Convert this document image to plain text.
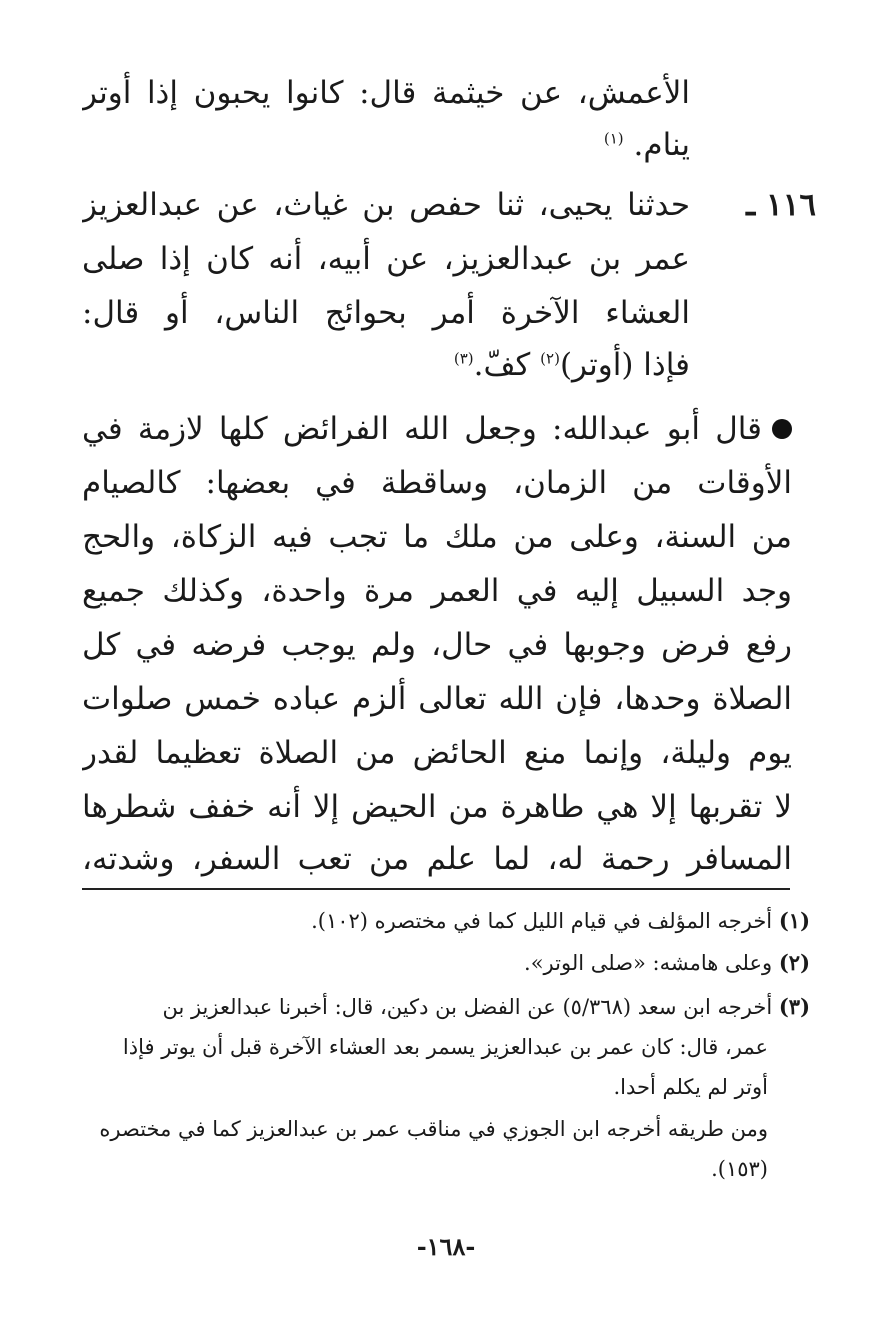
الأعمش، عن خيثمة قال: كانوا يحبون إذا أوتر
ينام. $^{(١)}$
١١٦ ـ
حدثنا يحيى، ثنا حفص بن غياث، عن عبدالعزيز
عمر بن عبدالعزيز، عن أبيه، أنه كان إذا صلى
العشاء الآخرة أمر بحوائج الناس، أو قال:
فإذا (أوتر)$^{(٢)}$ كفّ.$^{(٣)}$
قال أبو عبدالله: وجعل الله الفرائض كلها لازمة في
الأوقات من الزمان، وساقطة في بعضها: كالصيام
من السنة، وعلى من ملك ما تجب فيه الزكاة، والحج
وجد السبيل إليه في العمر مرة واحدة، وكذلك جميع
رفع فرض وجوبها في حال، ولم يوجب فرضه في كل
الصلاة وحدها، فإن الله تعالى ألزم عباده خمس صلوات
يوم وليلة، وإنما منع الحائض من الصلاة تعظيما لقدر
لا تقربها إلا هي طاهرة من الحيض إلا أنه خفف شطرها
المسافر رحمة له، لما علم من تعب السفر، وشدته،
(١) أخرجه المؤلف في قيام الليل كما في مختصره (١٠٢).
(٢) وعلى هامشه: «صلى الوتر».
(٣) أخرجه ابن سعد (٥/٣٦٨) عن الفضل بن دكين، قال: أخبرنا عبدالعزيز بن
عمر، قال: كان عمر بن عبدالعزيز يسمر بعد العشاء الآخرة قبل أن يوتر فإذا
أوتر لم يكلم أحدا.
ومن طريقه أخرجه ابن الجوزي في مناقب عمر بن عبدالعزيز كما في مختصره
(١٥٣).
-١٦٨-
